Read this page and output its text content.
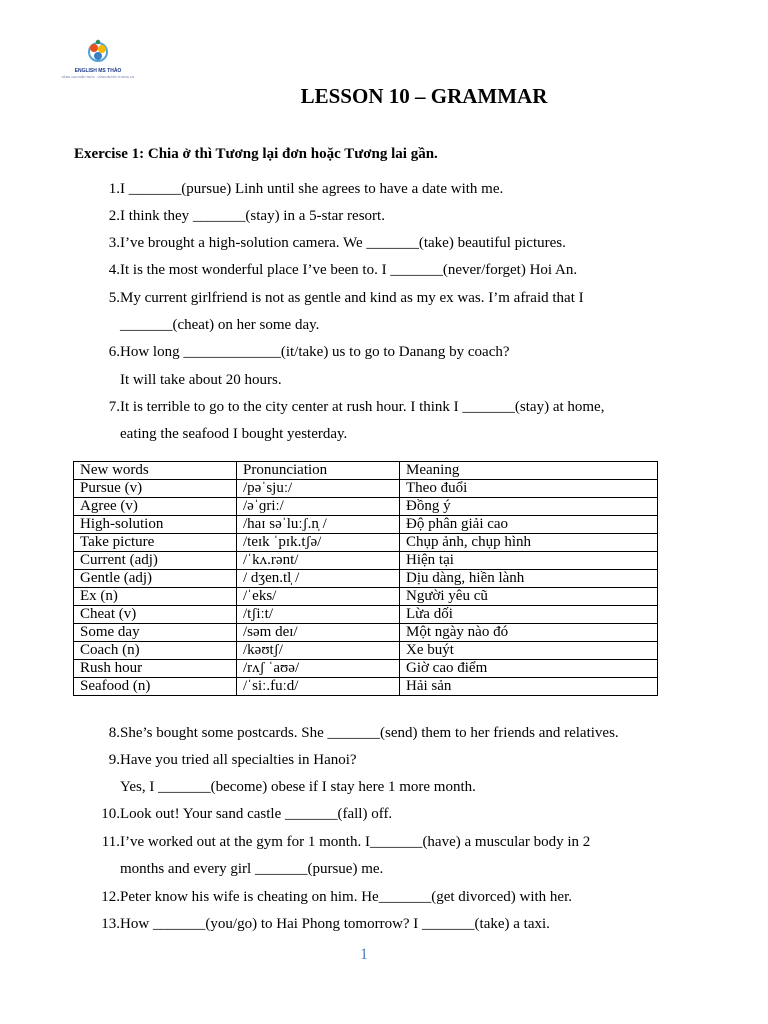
ENGLISH MS THẢO
NÂNG CAO KIẾN THỨC - VỮNG BƯỚC TƯƠNG LAI
LESSON 10 – GRAMMAR
Exercise 1: Chia ở thì Tương lại đơn hoặc Tương lai gần.
1. I _______(pursue) Linh until she agrees to have a date with me.
2. I think they _______(stay) in a 5-star resort.
3. I’ve brought a high-solution camera. We _______(take) beautiful pictures.
4. It is the most wonderful place I’ve been to. I _______(never/forget) Hoi An.
5. My current girlfriend is not as gentle and kind as my ex was. I’m afraid that I
_______(cheat) on her some day.
6. How long _____________(it/take) us to go to Danang by coach?
It will take about 20 hours.
7. It is terrible to go to the city center at rush hour. I think I _______(stay) at home,
eating the seafood I bought yesterday.
New words	Pronunciation	Meaning
Pursue (v)	/pəˈsjuː/	Theo đuổi
Agree (v)	/əˈɡriː/	Đồng ý
High-solution	/haɪ səˈluːʃ.n̩ /	Độ phân giải cao
Take picture	/teɪk ˈpɪk.tʃə/	Chụp ảnh, chụp hình
Current (adj)	/ˈkʌ.rənt/	Hiện tại
Gentle (adj)	/ dʒen.tl̩ /	Dịu dàng, hiền lành
Ex (n)	/ˈeks/	Người yêu cũ
Cheat (v)	/tʃiːt/	Lừa dối
Some day	/səm deɪ/	Một ngày nào đó
Coach (n)	/kəʊtʃ/	Xe buýt
Rush hour	/rʌʃ ˈaʊə/	Giờ cao điểm
Seafood (n)	/ˈsiː.fuːd/	Hải sản
8. She’s bought some postcards. She _______(send) them to her friends and relatives.
9. Have you tried all specialties in Hanoi?
Yes, I _______(become) obese if I stay here 1 more month.
10. Look out! Your sand castle _______(fall) off.
11. I’ve worked out at the gym for 1 month. I_______(have) a muscular body in 2
months and every girl _______(pursue) me.
12. Peter know his wife is cheating on him. He_______(get divorced) with her.
13. How _______(you/go) to Hai Phong tomorrow? I _______(take) a taxi.
1
